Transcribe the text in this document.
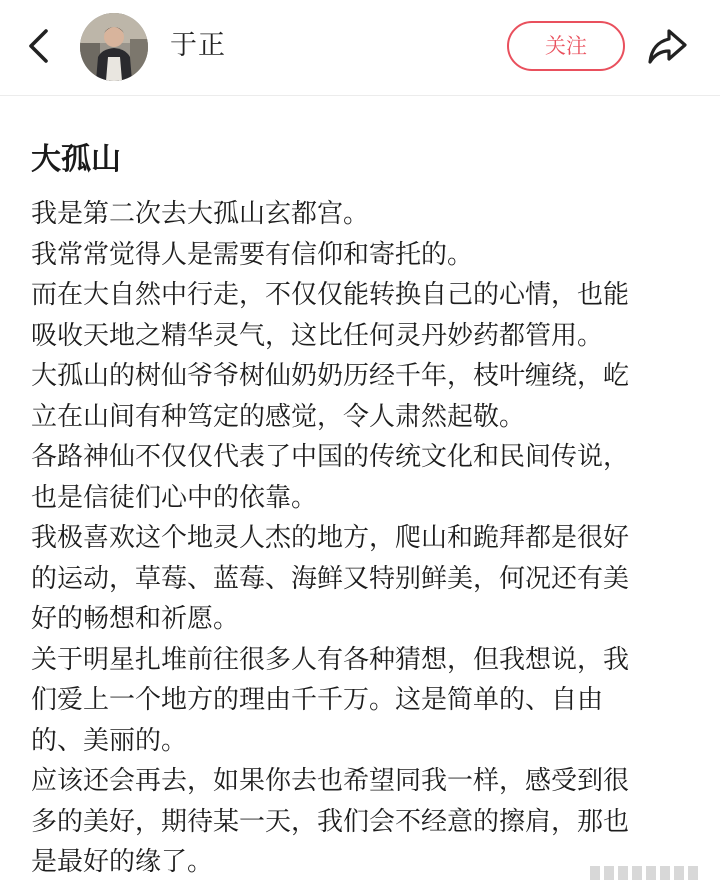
于正	关注
大孤山
我是第二次去大孤山玄都宫。
我常常觉得人是需要有信仰和寄托的。
而在大自然中行走，不仅仅能转换自己的心情，也能
吸收天地之精华灵气，这比任何灵丹妙药都管用。
大孤山的树仙爷爷树仙奶奶历经千年，枝叶缠绕，屹
立在山间有种笃定的感觉，令人肃然起敬。
各路神仙不仅仅代表了中国的传统文化和民间传说，
也是信徒们心中的依靠。
我极喜欢这个地灵人杰的地方，爬山和跪拜都是很好
的运动，草莓、蓝莓、海鲜又特别鲜美，何况还有美
好的畅想和祈愿。
关于明星扎堆前往很多人有各种猜想，但我想说，我
们爱上一个地方的理由千千万。这是简单的、自由
的、美丽的。
应该还会再去，如果你去也希望同我一样，感受到很
多的美好，期待某一天，我们会不经意的擦肩，那也
是最好的缘了。
